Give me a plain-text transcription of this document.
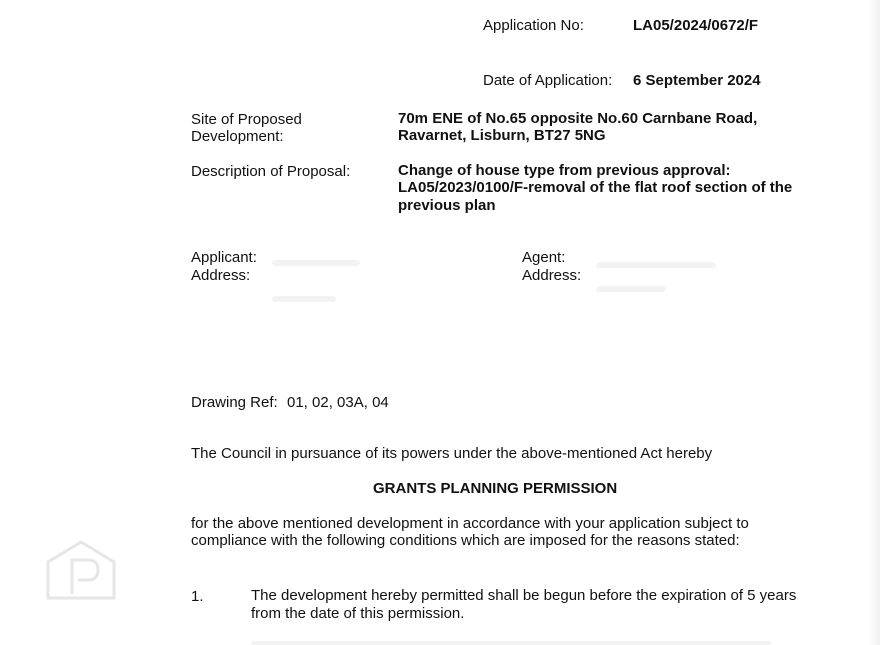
Application No:	LA05/2024/0672/F
Date of Application: 6 September 2024
Site of Proposed
Development:
70m ENE of No.65 opposite No.60 Carnbane Road,
Ravarnet, Lisburn, BT27 5NG
Description of Proposal:	Change of house type from previous approval:
LA05/2023/0100/F-removal of the flat roof section of the
previous plan
Applicant:
Address:
Agent:
Address:
Drawing Ref: 01, 02, 03A, 04
The Council in pursuance of its powers under the above-mentioned Act hereby
GRANTS PLANNING PERMISSION
for the above mentioned development in accordance with your application subject to
compliance with the following conditions which are imposed for the reasons stated:
1.	The development hereby permitted shall be begun before the expiration of 5 years
from the date of this permission.
